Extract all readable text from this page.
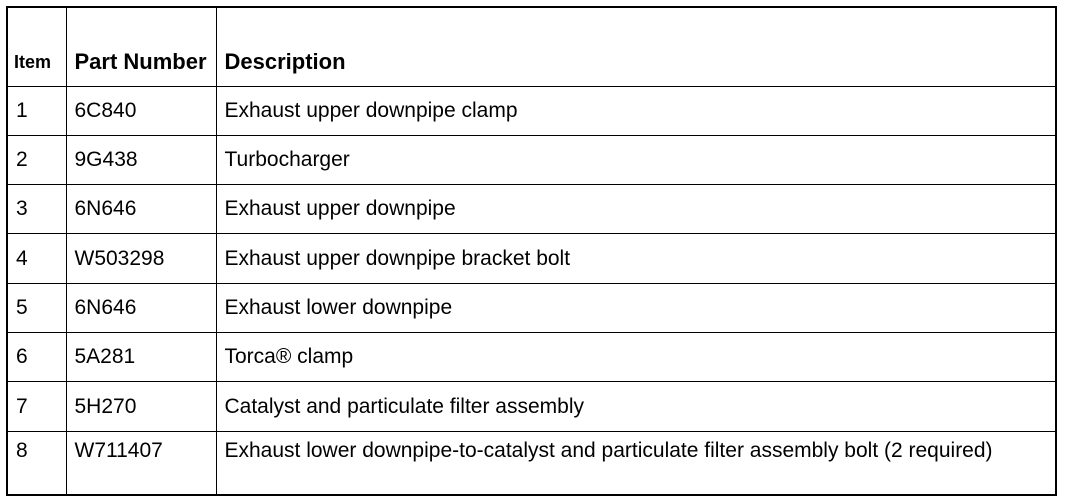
Item	Part Number	Description
1	6C840	Exhaust upper downpipe clamp
2	9G438	Turbocharger
3	6N646	Exhaust upper downpipe
4	W503298	Exhaust upper downpipe bracket bolt
5	6N646	Exhaust lower downpipe
6	5A281	Torca® clamp
7	5H270	Catalyst and particulate filter assembly
8	W711407	Exhaust lower downpipe-to-catalyst and particulate filter assembly bolt (2 required)
